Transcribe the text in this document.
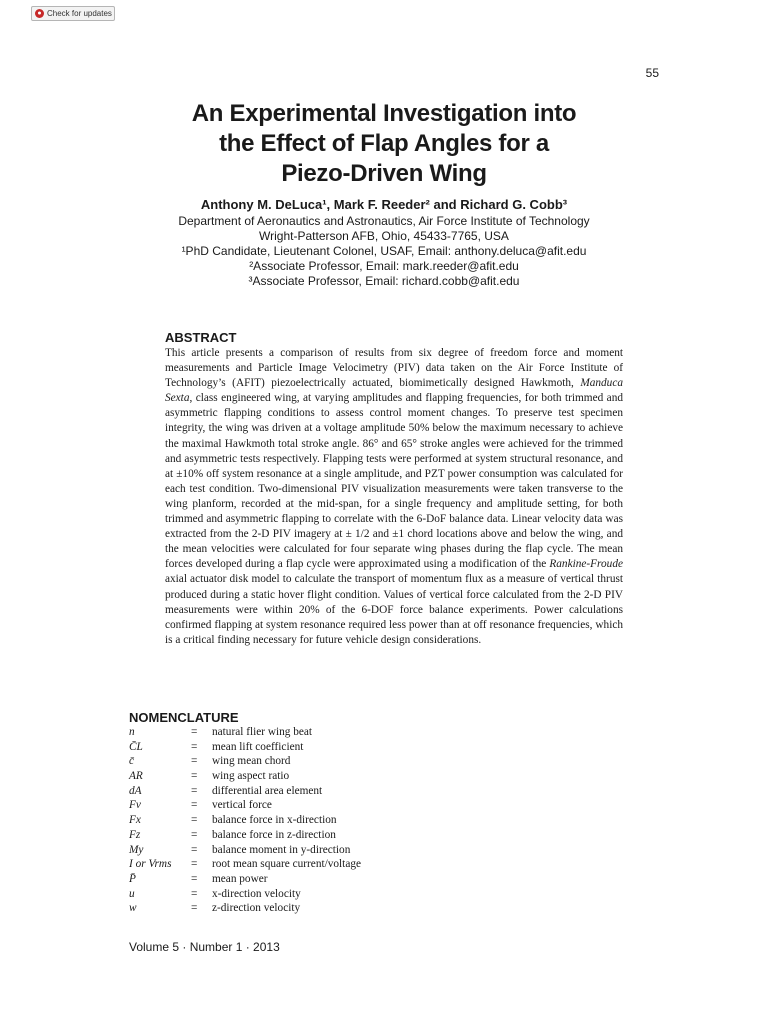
● Check for updates
55
An Experimental Investigation into
the Effect of Flap Angles for a
Piezo-Driven Wing
Anthony M. DeLuca¹, Mark F. Reeder² and Richard G. Cobb³
Department of Aeronautics and Astronautics, Air Force Institute of Technology
Wright-Patterson AFB, Ohio, 45433-7765, USA
¹PhD Candidate, Lieutenant Colonel, USAF, Email: anthony.deluca@afit.edu
²Associate Professor, Email: mark.reeder@afit.edu
³Associate Professor, Email: richard.cobb@afit.edu
ABSTRACT
This article presents a comparison of results from six degree of freedom force and moment measurements and Particle Image Velocimetry (PIV) data taken on the Air Force Institute of Technology’s (AFIT) piezoelectrically actuated, biomimetically designed Hawkmoth, Manduca Sexta, class engineered wing, at varying amplitudes and flapping frequencies, for both trimmed and asymmetric flapping conditions to assess control moment changes. To preserve test specimen integrity, the wing was driven at a voltage amplitude 50% below the maximum necessary to achieve the maximal Hawkmoth total stroke angle. 86° and 65° stroke angles were achieved for the trimmed and asymmetric tests respectively. Flapping tests were performed at system structural resonance, and at ±10% off system resonance at a single amplitude, and PZT power consumption was calculated for each test condition. Two-dimensional PIV visualization measurements were taken transverse to the wing planform, recorded at the mid-span, for a single frequency and amplitude setting, for both trimmed and asymmetric flapping to correlate with the 6-DoF balance data. Linear velocity data was extracted from the 2-D PIV imagery at ± 1/2 and ±1 chord locations above and below the wing, and the mean velocities were calculated for four separate wing phases during the flap cycle. The mean forces developed during a flap cycle were approximated using a modification of the Rankine-Froude axial actuator disk model to calculate the transport of momentum flux as a measure of vertical thrust produced during a static hover flight condition. Values of vertical force calculated from the 2-D PIV measurements were within 20% of the 6-DOF force balance experiments. Power calculations confirmed flapping at system resonance required less power than at off resonance frequencies, which is a critical finding necessary for future vehicle design considerations.
NOMENCLATURE
n	= natural flier wing beat
C̄L	= mean lift coefficient
c̄	= wing mean chord
AR	= wing aspect ratio
dA	= differential area element
Fv	= vertical force
Fx	= balance force in x-direction
Fz	= balance force in z-direction
My	= balance moment in y-direction
I or Vrms = root mean square current/voltage
P̄	= mean power
u	= x-direction velocity
w	= z-direction velocity
Volume 5 · Number 1 · 2013
